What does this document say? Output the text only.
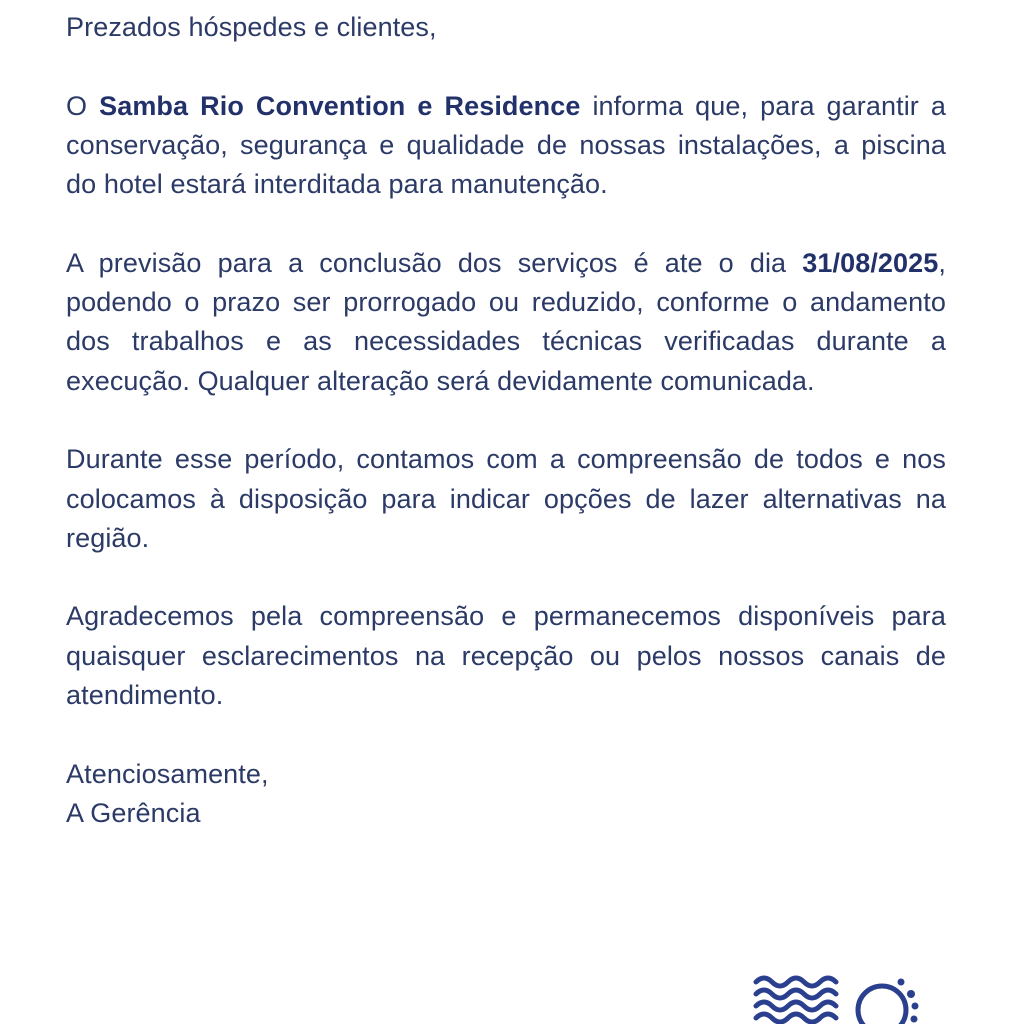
Prezados hóspedes e clientes,

O Samba Rio Convention e Residence informa que, para garantir a conservação, segurança e qualidade de nossas instalações, a piscina do hotel estará interditada para manutenção.

A previsão para a conclusão dos serviços é ate o dia 31/08/2025, podendo o prazo ser prorrogado ou reduzido, conforme o andamento dos trabalhos e as necessidades técnicas verificadas durante a execução. Qualquer alteração será devidamente comunicada.

Durante esse período, contamos com a compreensão de todos e nos colocamos à disposição para indicar opções de lazer alternativas na região.

Agradecemos pela compreensão e permanecemos disponíveis para quaisquer esclarecimentos na recepção ou pelos nossos canais de atendimento.

Atenciosamente,
A Gerência
